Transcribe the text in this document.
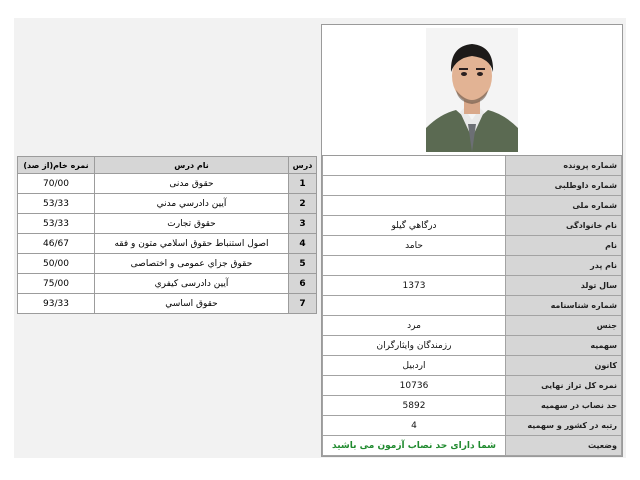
	شماره پرونده
	شماره داوطلبی
	شماره ملی
درگاهي گيلو	نام خانوادگی
حامد	نام
	نام پدر
1373	سال تولد
	شماره شناسنامه
مرد	جنس
رزمندگان وايثارگران	سهمیه
اردبيل	کانون
10736	نمره کل تراز نهایی
5892	حد نصاب در سهمیه
4	رتبه در کشور و سهمیه
شما دارای حد نصاب آزمون می باشید	وضعیت
نمره خام(از صد)	نام درس	درس
70/00	حقوق مدنى	1
53/33	آيين دادرسي مدني	2
53/33	حقوق تجارت	3
46/67	اصول استنباط حقوق اسلامي متون و فقه	4
50/00	حقوق جزاي عمومى و اختصاصى	5
75/00	آيين دادرسی کيفري	6
93/33	حقوق اساسي	7
